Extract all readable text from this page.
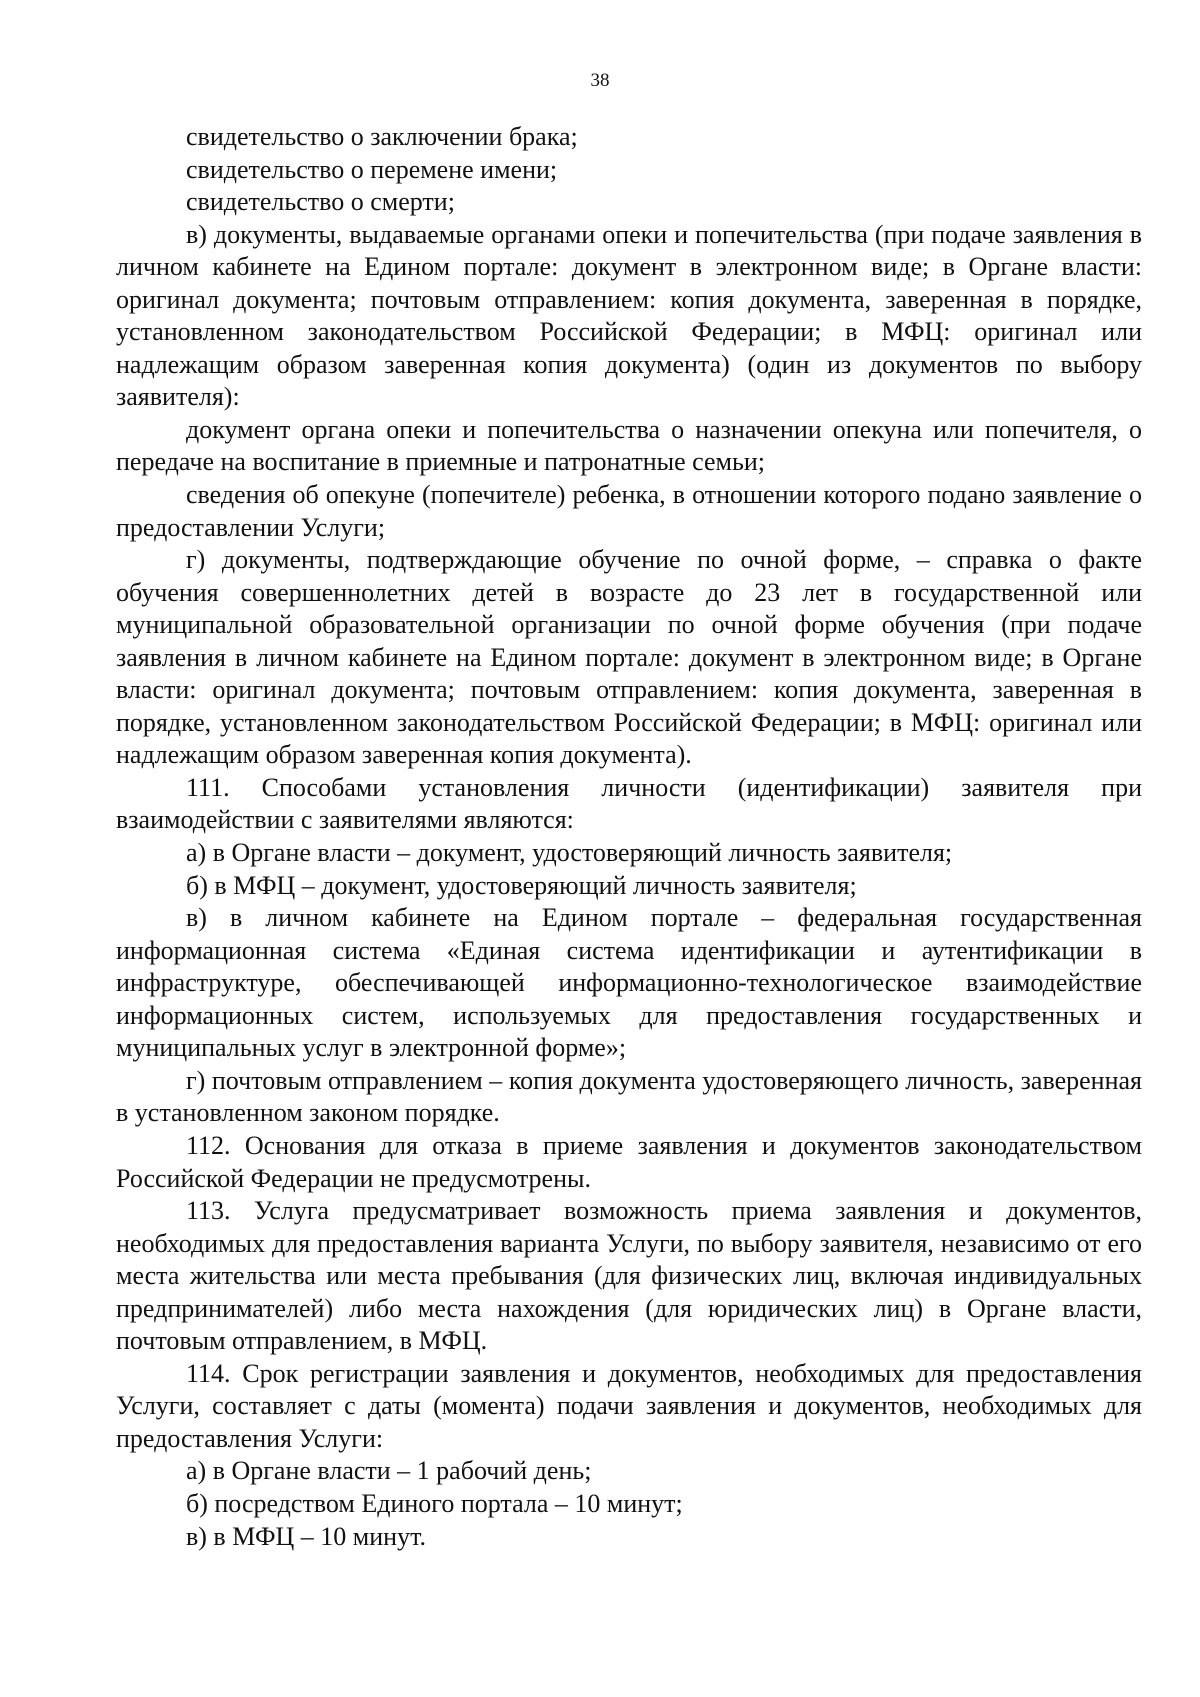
38

свидетельство о заключении брака;

свидетельство о перемене имени;

свидетельство о смерти;

в) документы, выдаваемые органами опеки и попечительства (при подаче заявления в личном кабинете на Едином портале: документ в электронном виде; в Органе власти: оригинал документа; почтовым отправлением: копия документа, заверенная в порядке, установленном законодательством Российской Федерации; в МФЦ: оригинал или надлежащим образом заверенная копия документа) (один из документов по выбору заявителя):

документ органа опеки и попечительства о назначении опекуна или попечителя, о передаче на воспитание в приемные и патронатные семьи;

сведения об опекуне (попечителе) ребенка, в отношении которого подано заявление о предоставлении Услуги;

г) документы, подтверждающие обучение по очной форме, – справка о факте обучения совершеннолетних детей в возрасте до 23 лет в государственной или муниципальной образовательной организации по очной форме обучения (при подаче заявления в личном кабинете на Едином портале: документ в электронном виде; в Органе власти: оригинал документа; почтовым отправлением: копия документа, заверенная в порядке, установленном законодательством Российской Федерации; в МФЦ: оригинал или надлежащим образом заверенная копия документа).

111. Способами установления личности (идентификации) заявителя при взаимодействии с заявителями являются:

а) в Органе власти – документ, удостоверяющий личность заявителя;

б) в МФЦ – документ, удостоверяющий личность заявителя;

в) в личном кабинете на Едином портале – федеральная государственная информационная система «Единая система идентификации и аутентификации в инфраструктуре, обеспечивающей информационно-технологическое взаимодействие информационных систем, используемых для предоставления государственных и муниципальных услуг в электронной форме»;

г) почтовым отправлением – копия документа удостоверяющего личность, заверенная в установленном законом порядке.

112. Основания для отказа в приеме заявления и документов законодательством Российской Федерации не предусмотрены.

113. Услуга предусматривает возможность приема заявления и документов, необходимых для предоставления варианта Услуги, по выбору заявителя, независимо от его места жительства или места пребывания (для физических лиц, включая индивидуальных предпринимателей) либо места нахождения (для юридических лиц) в Органе власти, почтовым отправлением, в МФЦ.

114. Срок регистрации заявления и документов, необходимых для предоставления Услуги, составляет с даты (момента) подачи заявления и документов, необходимых для предоставления Услуги:

а) в Органе власти – 1 рабочий день;

б) посредством Единого портала – 10 минут;

в) в МФЦ – 10 минут.
